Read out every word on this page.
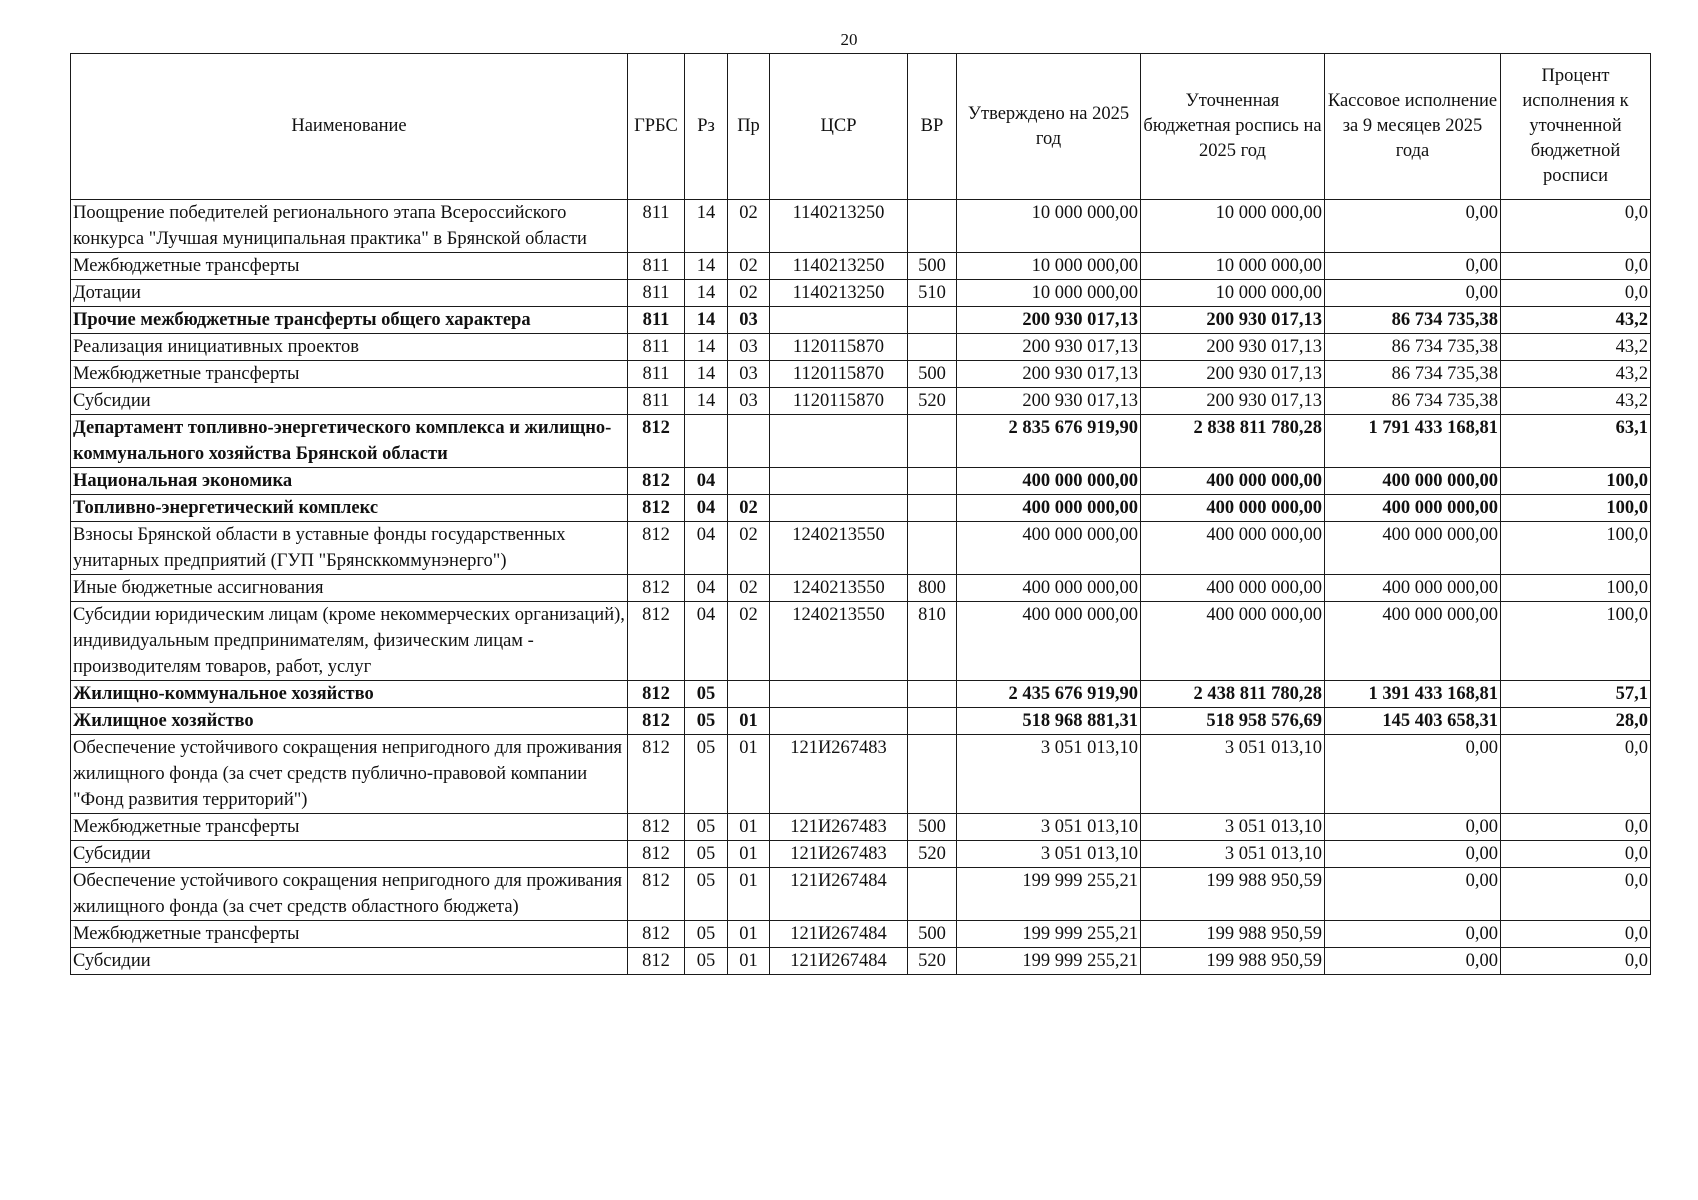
20
Наименование	ГРБС	Рз	Пр	ЦСР	ВР	Утверждено на 2025 год	Уточненная бюджетная роспись на 2025 год	Кассовое исполнение за 9 месяцев 2025 года	Процент исполнения к уточненной бюджетной росписи
Поощрение победителей регионального этапа Всероссийского конкурса "Лучшая муниципальная практика" в Брянской области	811	14	02	1140213250		10 000 000,00	10 000 000,00	0,00	0,0
Межбюджетные трансферты	811	14	02	1140213250	500	10 000 000,00	10 000 000,00	0,00	0,0
Дотации	811	14	02	1140213250	510	10 000 000,00	10 000 000,00	0,00	0,0
Прочие межбюджетные трансферты общего характера	811	14	03			200 930 017,13	200 930 017,13	86 734 735,38	43,2
Реализация инициативных проектов	811	14	03	1120115870		200 930 017,13	200 930 017,13	86 734 735,38	43,2
Межбюджетные трансферты	811	14	03	1120115870	500	200 930 017,13	200 930 017,13	86 734 735,38	43,2
Субсидии	811	14	03	1120115870	520	200 930 017,13	200 930 017,13	86 734 735,38	43,2
Департамент топливно-энергетического комплекса и жилищно-коммунального хозяйства Брянской области	812					2 835 676 919,90	2 838 811 780,28	1 791 433 168,81	63,1
Национальная экономика	812	04				400 000 000,00	400 000 000,00	400 000 000,00	100,0
Топливно-энергетический комплекс	812	04	02			400 000 000,00	400 000 000,00	400 000 000,00	100,0
Взносы Брянской области в уставные фонды государственных унитарных предприятий (ГУП "Брянсккоммунэнерго")	812	04	02	1240213550		400 000 000,00	400 000 000,00	400 000 000,00	100,0
Иные бюджетные ассигнования	812	04	02	1240213550	800	400 000 000,00	400 000 000,00	400 000 000,00	100,0
Субсидии юридическим лицам (кроме некоммерческих организаций), индивидуальным предпринимателям, физическим лицам - производителям товаров, работ, услуг	812	04	02	1240213550	810	400 000 000,00	400 000 000,00	400 000 000,00	100,0
Жилищно-коммунальное хозяйство	812	05				2 435 676 919,90	2 438 811 780,28	1 391 433 168,81	57,1
Жилищное хозяйство	812	05	01			518 968 881,31	518 958 576,69	145 403 658,31	28,0
Обеспечение устойчивого сокращения непригодного для проживания жилищного фонда (за счет средств публично-правовой компании "Фонд развития территорий")	812	05	01	121И267483		3 051 013,10	3 051 013,10	0,00	0,0
Межбюджетные трансферты	812	05	01	121И267483	500	3 051 013,10	3 051 013,10	0,00	0,0
Субсидии	812	05	01	121И267483	520	3 051 013,10	3 051 013,10	0,00	0,0
Обеспечение устойчивого сокращения непригодного для проживания жилищного фонда (за счет средств областного бюджета)	812	05	01	121И267484		199 999 255,21	199 988 950,59	0,00	0,0
Межбюджетные трансферты	812	05	01	121И267484	500	199 999 255,21	199 988 950,59	0,00	0,0
Субсидии	812	05	01	121И267484	520	199 999 255,21	199 988 950,59	0,00	0,0
